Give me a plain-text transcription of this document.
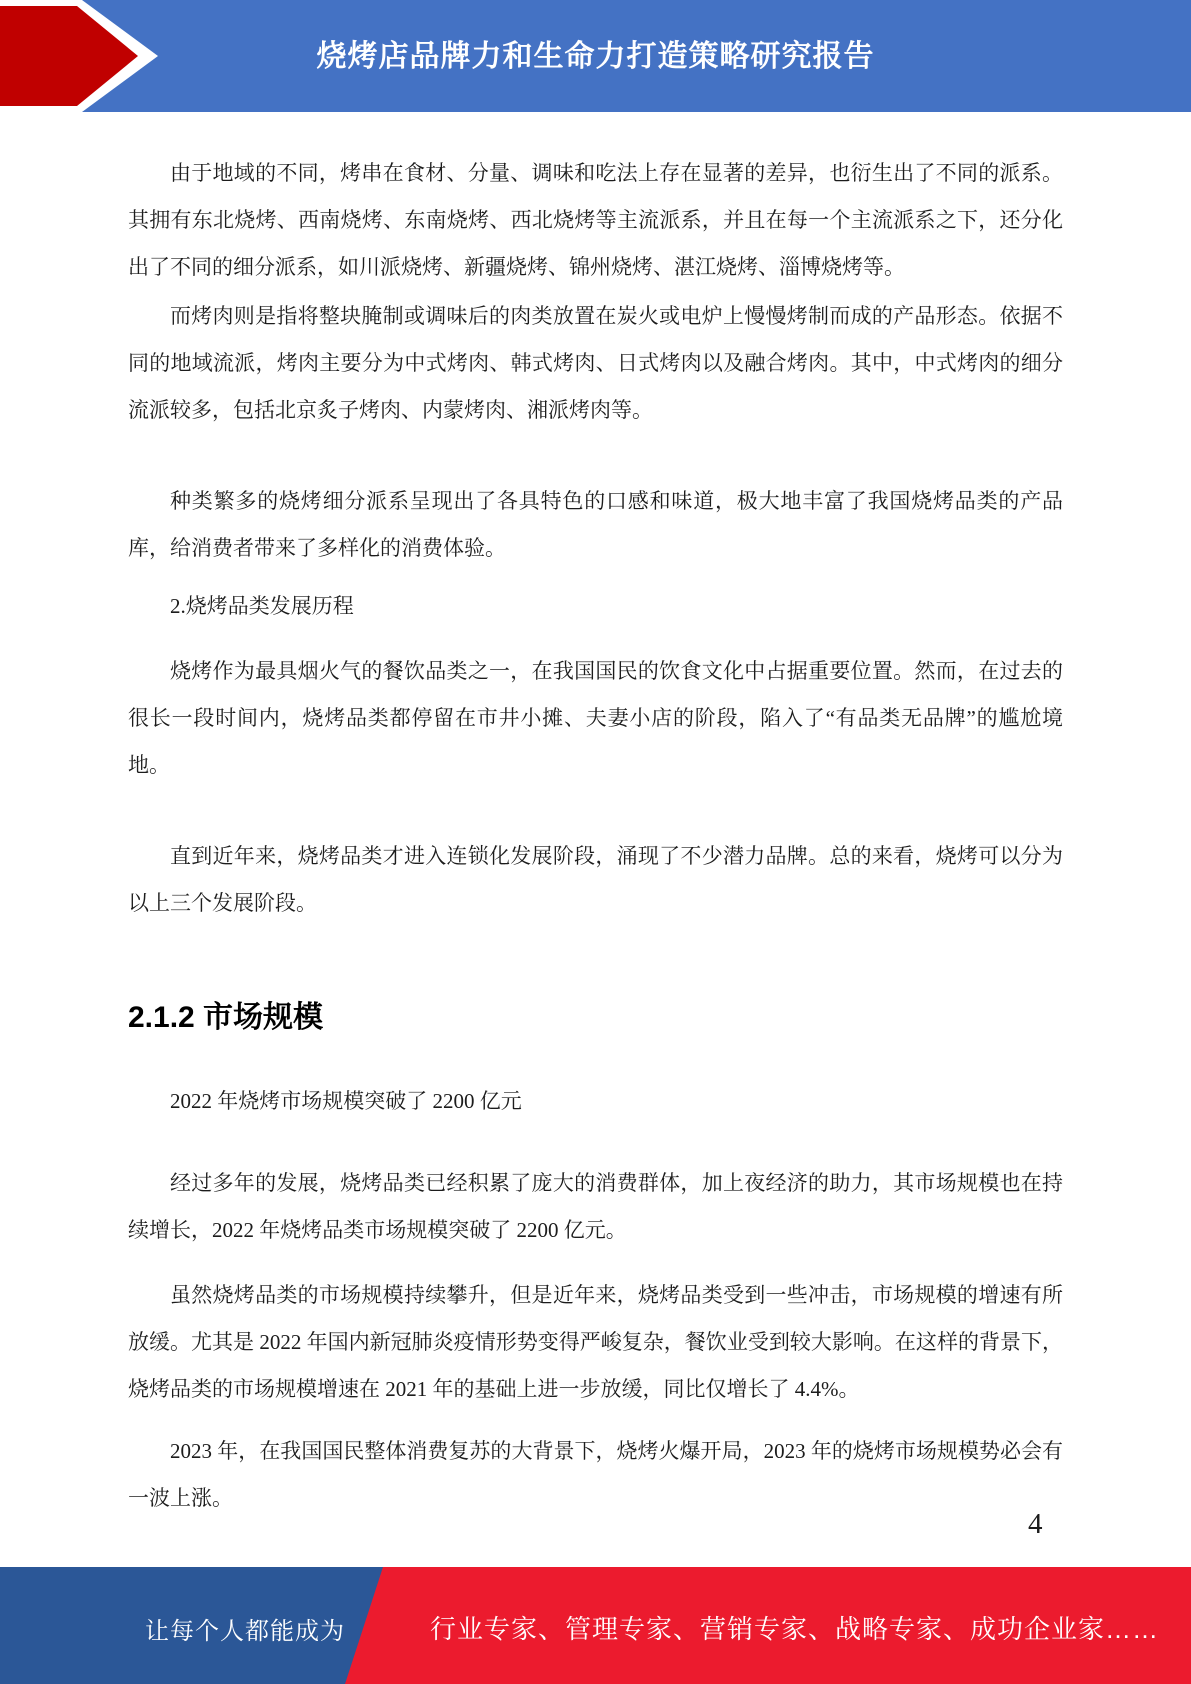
烧烤店品牌力和生命力打造策略研究报告
由于地域的不同，烤串在食材、分量、调味和吃法上存在显著的差异，也衍生出了不同的派系。其拥有东北烧烤、西南烧烤、东南烧烤、西北烧烤等主流派系，并且在每一个主流派系之下，还分化出了不同的细分派系，如川派烧烤、新疆烧烤、锦州烧烤、湛江烧烤、淄博烧烤等。
而烤肉则是指将整块腌制或调味后的肉类放置在炭火或电炉上慢慢烤制而成的产品形态。依据不同的地域流派，烤肉主要分为中式烤肉、韩式烤肉、日式烤肉以及融合烤肉。其中，中式烤肉的细分流派较多，包括北京炙子烤肉、内蒙烤肉、湘派烤肉等。
种类繁多的烧烤细分派系呈现出了各具特色的口感和味道，极大地丰富了我国烧烤品类的产品库，给消费者带来了多样化的消费体验。
2.烧烤品类发展历程
烧烤作为最具烟火气的餐饮品类之一，在我国国民的饮食文化中占据重要位置。然而，在过去的很长一段时间内，烧烤品类都停留在市井小摊、夫妻小店的阶段，陷入了“有品类无品牌”的尴尬境地。
直到近年来，烧烤品类才进入连锁化发展阶段，涌现了不少潜力品牌。总的来看，烧烤可以分为以上三个发展阶段。
2.1.2 市场规模
2022 年烧烤市场规模突破了 2200 亿元
经过多年的发展，烧烤品类已经积累了庞大的消费群体，加上夜经济的助力，其市场规模也在持续增长，2022 年烧烤品类市场规模突破了 2200 亿元。
虽然烧烤品类的市场规模持续攀升，但是近年来，烧烤品类受到一些冲击，市场规模的增速有所放缓。尤其是 2022 年国内新冠肺炎疫情形势变得严峻复杂，餐饮业受到较大影响。在这样的背景下，烧烤品类的市场规模增速在 2021 年的基础上进一步放缓，同比仅增长了 4.4%。
2023 年，在我国国民整体消费复苏的大背景下，烧烤火爆开局，2023 年的烧烤市场规模势必会有一波上涨。
4
让每个人都能成为	行业专家、管理专家、营销专家、战略专家、成功企业家……
